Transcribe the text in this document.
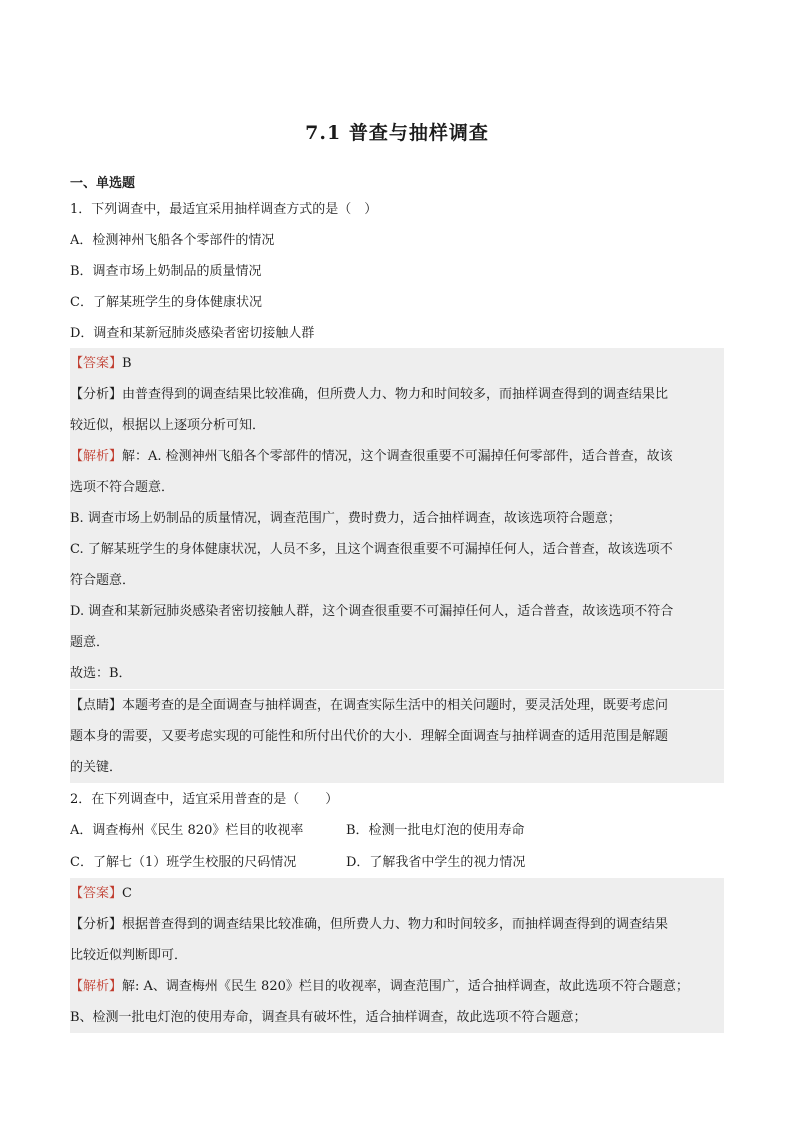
7.1 普查与抽样调查
一、单选题
1．下列调查中，最适宜采用抽样调查方式的是（　）
A．检测神州飞船各个零部件的情况
B．调查市场上奶制品的质量情况
C．了解某班学生的身体健康状况
D．调查和某新冠肺炎感染者密切接触人群
【答案】B
【分析】由普查得到的调查结果比较准确，但所费人力、物力和时间较多，而抽样调查得到的调查结果比
较近似，根据以上逐项分析可知．
【解析】解：A. 检测神州飞船各个零部件的情况，这个调查很重要不可漏掉任何零部件，适合普查，故该
选项不符合题意．
B. 调查市场上奶制品的质量情况，调查范围广，费时费力，适合抽样调查，故该选项符合题意；
C. 了解某班学生的身体健康状况，人员不多，且这个调查很重要不可漏掉任何人，适合普查，故该选项不
符合题意．
D. 调查和某新冠肺炎感染者密切接触人群，这个调查很重要不可漏掉任何人，适合普查，故该选项不符合
题意．
故选：B．
【点睛】本题考查的是全面调查与抽样调查，在调查实际生活中的相关问题时，要灵活处理，既要考虑问
题本身的需要，又要考虑实现的可能性和所付出代价的大小．理解全面调查与抽样调查的适用范围是解题
的关键．
2．在下列调查中，适宜采用普查的是（　　）
A．调查梅州《民生 820》栏目的收视率	B．检测一批电灯泡的使用寿命
C．了解七（1）班学生校服的尺码情况	D．了解我省中学生的视力情况
【答案】C
【分析】根据普查得到的调查结果比较准确，但所费人力、物力和时间较多，而抽样调查得到的调查结果
比较近似判断即可．
【解析】解: A、调查梅州《民生 820》栏目的收视率，调查范围广，适合抽样调查，故此选项不符合题意；
B、检测一批电灯泡的使用寿命，调查具有破坏性，适合抽样调查，故此选项不符合题意；
